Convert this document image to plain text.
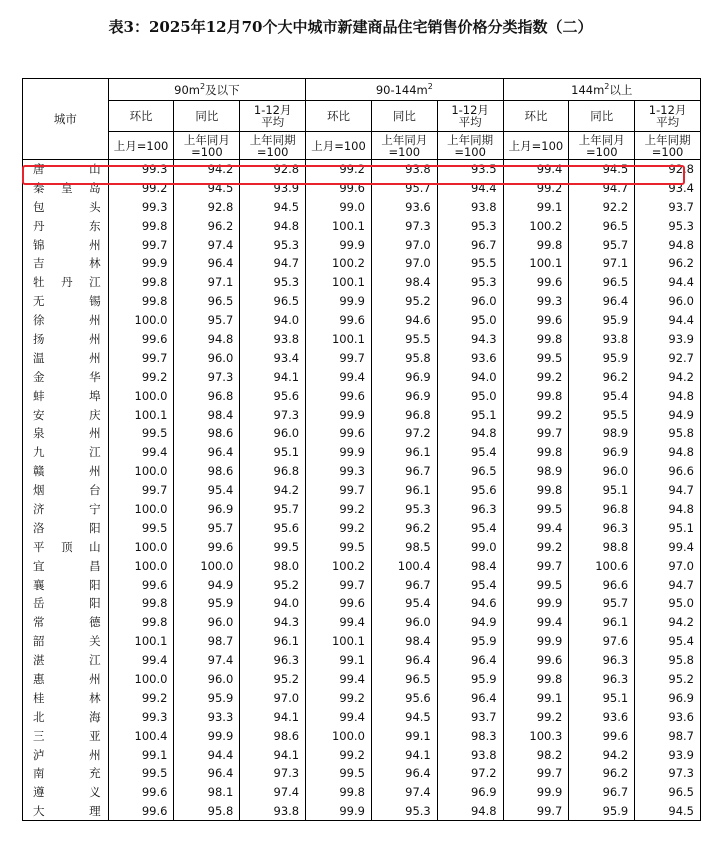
表3：2025年12月70个大中城市新建商品住宅销售价格分类指数（二）
城市	$90m^2$及以下			$90-144m^2$			$144m^2$以上		
	环比	同比	1-12月平均	环比	同比	1-12月平均	环比	同比	1-12月平均
	上月=100	上年同月=100	上年同期=100	上月=100	上年同月=100	上年同期=100	上月=100	上年同月=100	上年同期=100

唐 山	99.3	94.2	92.8	99.2	93.8	93.5	99.4	94.5	92.8

秦 皇 岛	99.2	94.5	93.9	99.6	95.7	94.4	99.2	94.7	93.4

包 头	99.3	92.8	94.5	99.0	93.6	93.8	99.1	92.2	93.7

丹 东	99.8	96.2	94.8	100.1	97.3	95.3	100.2	96.5	95.3

锦 州	99.7	97.4	95.3	99.9	97.0	96.7	99.8	95.7	94.8

吉 林	99.9	96.4	94.7	100.2	97.0	95.5	100.1	97.1	96.2

牡 丹 江	99.8	97.1	95.3	100.1	98.4	95.3	99.6	96.5	94.4

无 锡	99.8	96.5	96.5	99.9	95.2	96.0	99.3	96.4	96.0

徐 州	100.0	95.7	94.0	99.6	94.6	95.0	99.6	95.9	94.4

扬 州	99.6	94.8	93.8	100.1	95.5	94.3	99.8	93.8	93.9

温 州	99.7	96.0	93.4	99.7	95.8	93.6	99.5	95.9	92.7

金 华	99.2	97.3	94.1	99.4	96.9	94.0	99.2	96.2	94.2

蚌 埠	100.0	96.8	95.6	99.6	96.9	95.0	99.8	95.4	94.8

安 庆	100.1	98.4	97.3	99.9	96.8	95.1	99.2	95.5	94.9

泉 州	99.5	98.6	96.0	99.6	97.2	94.8	99.7	98.9	95.8

九 江	99.4	96.4	95.1	99.9	96.1	95.4	99.8	96.9	94.8

赣 州	100.0	98.6	96.8	99.3	96.7	96.5	98.9	96.0	96.6

烟 台	99.7	95.4	94.2	99.7	96.1	95.6	99.8	95.1	94.7

济 宁	100.0	96.9	95.7	99.2	95.3	96.3	99.5	96.8	94.8

洛 阳	99.5	95.7	95.6	99.2	96.2	95.4	99.4	96.3	95.1

平 顶 山	100.0	99.6	99.5	99.5	98.5	99.0	99.2	98.8	99.4

宜 昌	100.0	100.0	98.0	100.2	100.4	98.4	99.7	100.6	97.0

襄 阳	99.6	94.9	95.2	99.7	96.7	95.4	99.5	96.6	94.7

岳 阳	99.8	95.9	94.0	99.6	95.4	94.6	99.9	95.7	95.0

常 德	99.8	96.0	94.3	99.4	96.0	94.9	99.4	96.1	94.2

韶 关	100.1	98.7	96.1	100.1	98.4	95.9	99.9	97.6	95.4

湛 江	99.4	97.4	96.3	99.1	96.4	96.4	99.6	96.3	95.8

惠 州	100.0	96.0	95.2	99.4	96.5	95.9	99.8	96.3	95.2

桂 林	99.2	95.9	97.0	99.2	95.6	96.4	99.1	95.1	96.9

北 海	99.3	93.3	94.1	99.4	94.5	93.7	99.2	93.6	93.6

三 亚	100.4	99.9	98.6	100.0	99.1	98.3	100.3	99.6	98.7

泸 州	99.1	94.4	94.1	99.2	94.1	93.8	98.2	94.2	93.9

南 充	99.5	96.4	97.3	99.5	96.4	97.2	99.7	96.2	97.3

遵 义	99.6	98.1	97.4	99.8	97.4	96.9	99.9	96.7	96.5

大 理	99.6	95.8	93.8	99.9	95.3	94.8	99.7	95.9	94.5
